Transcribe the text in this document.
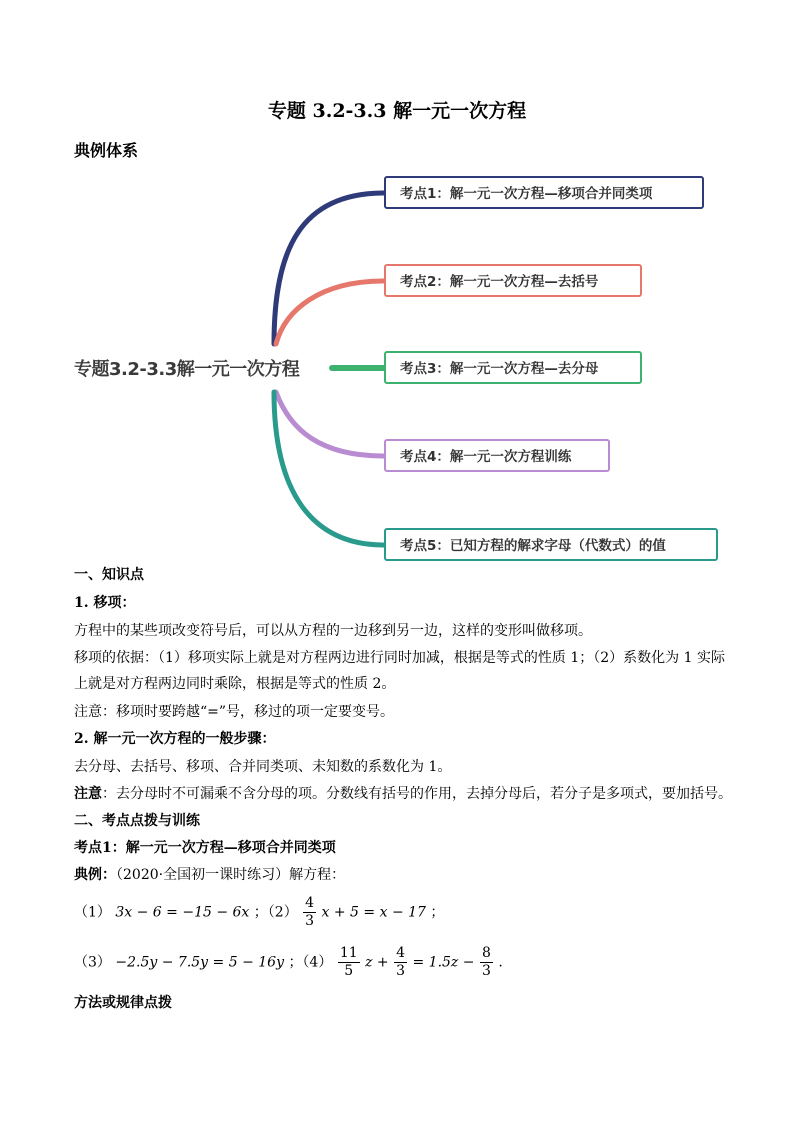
专题 3.2-3.3 解一元一次方程
典例体系
专题3.2-3.3解一元一次方程
考点1：解一元一次方程—移项合并同类项
考点2：解一元一次方程—去括号
考点3：解一元一次方程—去分母
考点4：解一元一次方程训练
考点5：已知方程的解求字母（代数式）的值
一、知识点
1. 移项：
方程中的某些项改变符号后，可以从方程的一边移到另一边，这样的变形叫做移项。
移项的依据：（1）移项实际上就是对方程两边进行同时加减，根据是等式的性质 1；（2）系数化为 1 实际
上就是对方程两边同时乘除，根据是等式的性质 2。
注意：移项时要跨越“=”号，移过的项一定要变号。
2. 解一元一次方程的一般步骤：
去分母、去括号、移项、合并同类项、未知数的系数化为 1。
注意：去分母时不可漏乘不含分母的项。分数线有括号的作用，去掉分母后，若分子是多项式，要加括号。
二、考点点拨与训练
考点1：解一元一次方程—移项合并同类项
典例：（2020·全国初一课时练习）解方程：
（1） 3x − 6 = −15 − 6x ；$(2) \frac{4}{3}$ x + 5 = x − 17 ；
（3） −2.5y − 7.5y = 5 − 16y ；$(4) \frac{11}{5}$ $z + \frac{4}{3} = 1.5z - \frac{8}{3}$ .
方法或规律点拨
